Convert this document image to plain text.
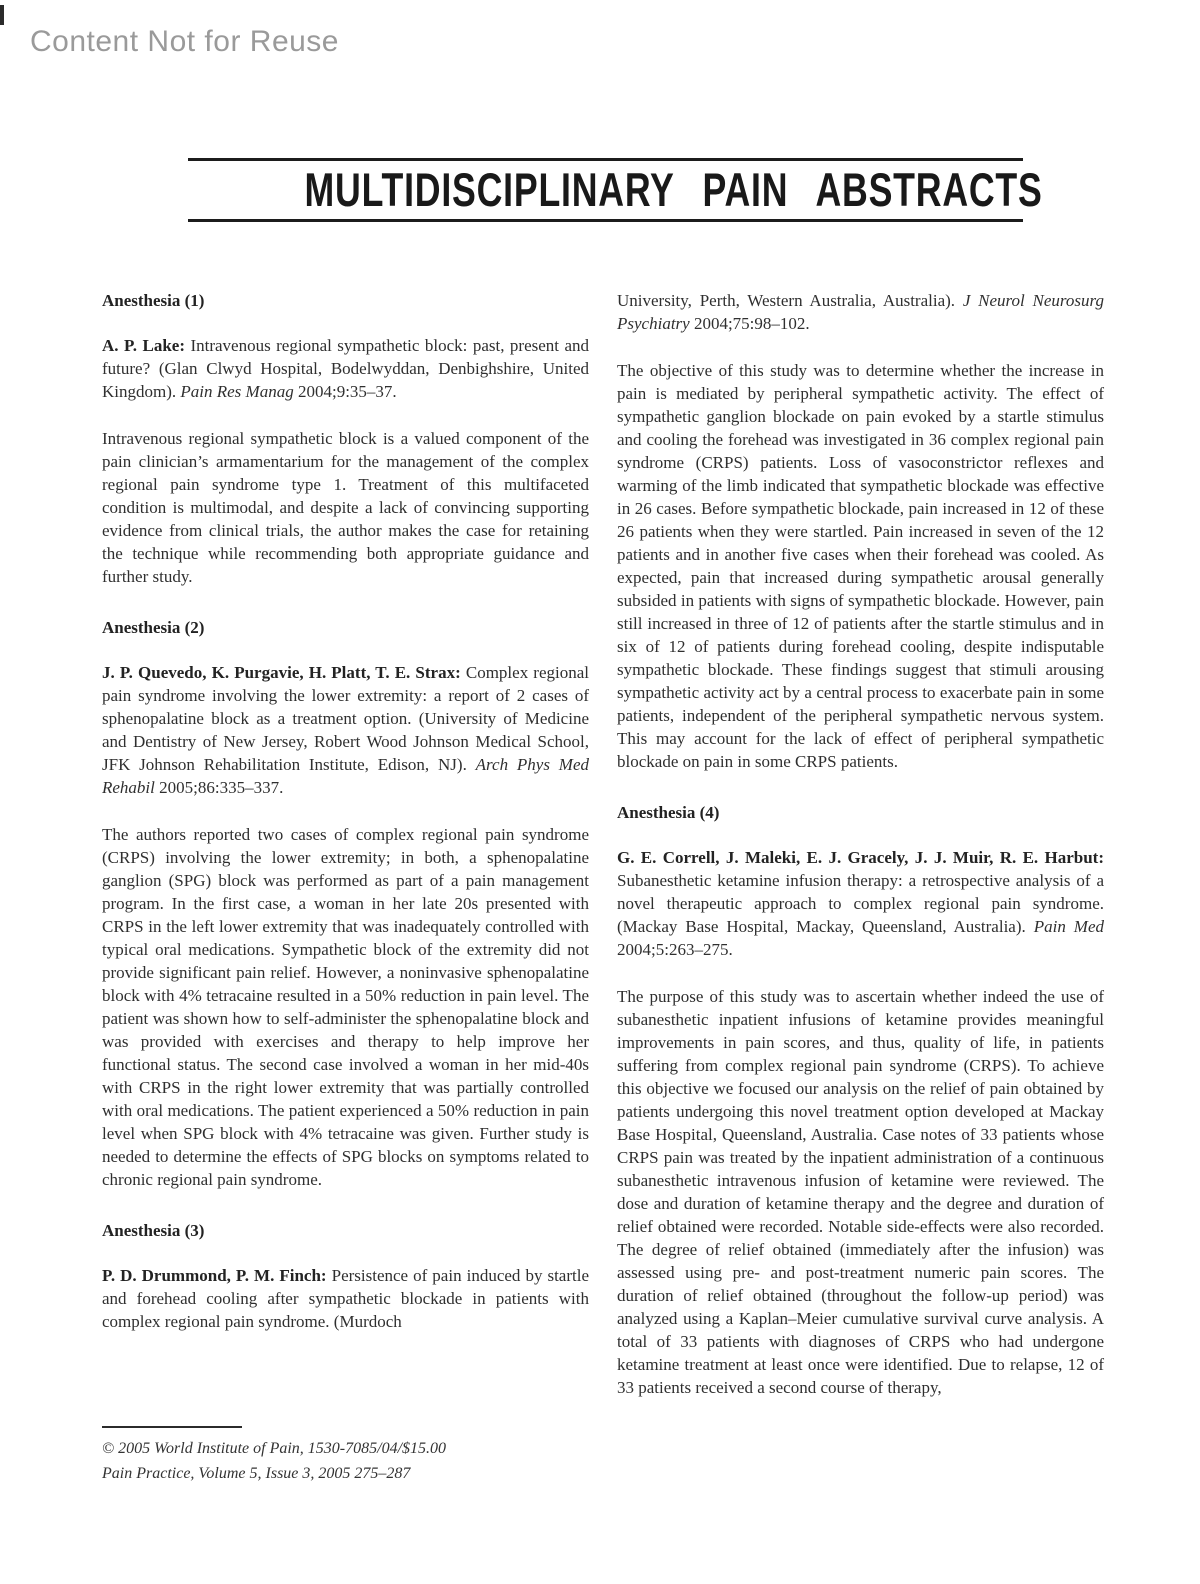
Content Not for Reuse
MULTIDISCIPLINARY PAIN ABSTRACTS
Anesthesia (1)

A. P. Lake: Intravenous regional sympathetic block: past, present and future? (Glan Clwyd Hospital, Bodelwyddan, Denbighshire, United Kingdom). Pain Res Manag 2004;9:35–37.

Intravenous regional sympathetic block is a valued component of the pain clinician’s armamentarium for the management of the complex regional pain syndrome type 1. Treatment of this multifaceted condition is multimodal, and despite a lack of convincing supporting evidence from clinical trials, the author makes the case for retaining the technique while recommending both appropriate guidance and further study.

Anesthesia (2)

J. P. Quevedo, K. Purgavie, H. Platt, T. E. Strax: Complex regional pain syndrome involving the lower extremity: a report of 2 cases of sphenopalatine block as a treatment option. (University of Medicine and Dentistry of New Jersey, Robert Wood Johnson Medical School, JFK Johnson Rehabilitation Institute, Edison, NJ). Arch Phys Med Rehabil 2005;86:335–337.

The authors reported two cases of complex regional pain syndrome (CRPS) involving the lower extremity; in both, a sphenopalatine ganglion (SPG) block was performed as part of a pain management program. In the first case, a woman in her late 20s presented with CRPS in the left lower extremity that was inadequately controlled with typical oral medications. Sympathetic block of the extremity did not provide significant pain relief. However, a noninvasive sphenopalatine block with 4% tetracaine resulted in a 50% reduction in pain level. The patient was shown how to self-administer the sphenopalatine block and was provided with exercises and therapy to help improve her functional status. The second case involved a woman in her mid-40s with CRPS in the right lower extremity that was partially controlled with oral medications. The patient experienced a 50% reduction in pain level when SPG block with 4% tetracaine was given. Further study is needed to determine the effects of SPG blocks on symptoms related to chronic regional pain syndrome.

Anesthesia (3)

P. D. Drummond, P. M. Finch: Persistence of pain induced by startle and forehead cooling after sympathetic blockade in patients with complex regional pain syndrome. (Murdoch

University, Perth, Western Australia, Australia). J Neurol Neurosurg Psychiatry 2004;75:98–102.

The objective of this study was to determine whether the increase in pain is mediated by peripheral sympathetic activity. The effect of sympathetic ganglion blockade on pain evoked by a startle stimulus and cooling the forehead was investigated in 36 complex regional pain syndrome (CRPS) patients. Loss of vasoconstrictor reflexes and warming of the limb indicated that sympathetic blockade was effective in 26 cases. Before sympathetic blockade, pain increased in 12 of these 26 patients when they were startled. Pain increased in seven of the 12 patients and in another five cases when their forehead was cooled. As expected, pain that increased during sympathetic arousal generally subsided in patients with signs of sympathetic blockade. However, pain still increased in three of 12 of patients after the startle stimulus and in six of 12 of patients during forehead cooling, despite indisputable sympathetic blockade. These findings suggest that stimuli arousing sympathetic activity act by a central process to exacerbate pain in some patients, independent of the peripheral sympathetic nervous system. This may account for the lack of effect of peripheral sympathetic blockade on pain in some CRPS patients.

Anesthesia (4)

G. E. Correll, J. Maleki, E. J. Gracely, J. J. Muir, R. E. Harbut: Subanesthetic ketamine infusion therapy: a retrospective analysis of a novel therapeutic approach to complex regional pain syndrome. (Mackay Base Hospital, Mackay, Queensland, Australia). Pain Med 2004;5:263–275.

The purpose of this study was to ascertain whether indeed the use of subanesthetic inpatient infusions of ketamine provides meaningful improvements in pain scores, and thus, quality of life, in patients suffering from complex regional pain syndrome (CRPS). To achieve this objective we focused our analysis on the relief of pain obtained by patients undergoing this novel treatment option developed at Mackay Base Hospital, Queensland, Australia. Case notes of 33 patients whose CRPS pain was treated by the inpatient administration of a continuous subanesthetic intravenous infusion of ketamine were reviewed. The dose and duration of ketamine therapy and the degree and duration of relief obtained were recorded. Notable side-effects were also recorded. The degree of relief obtained (immediately after the infusion) was assessed using pre- and post-treatment numeric pain scores. The duration of relief obtained (throughout the follow-up period) was analyzed using a Kaplan–Meier cumulative survival curve analysis. A total of 33 patients with diagnoses of CRPS who had undergone ketamine treatment at least once were identified. Due to relapse, 12 of 33 patients received a second course of therapy,

© 2005 World Institute of Pain, 1530-7085/04/$15.00
Pain Practice, Volume 5, Issue 3, 2005 275–287
